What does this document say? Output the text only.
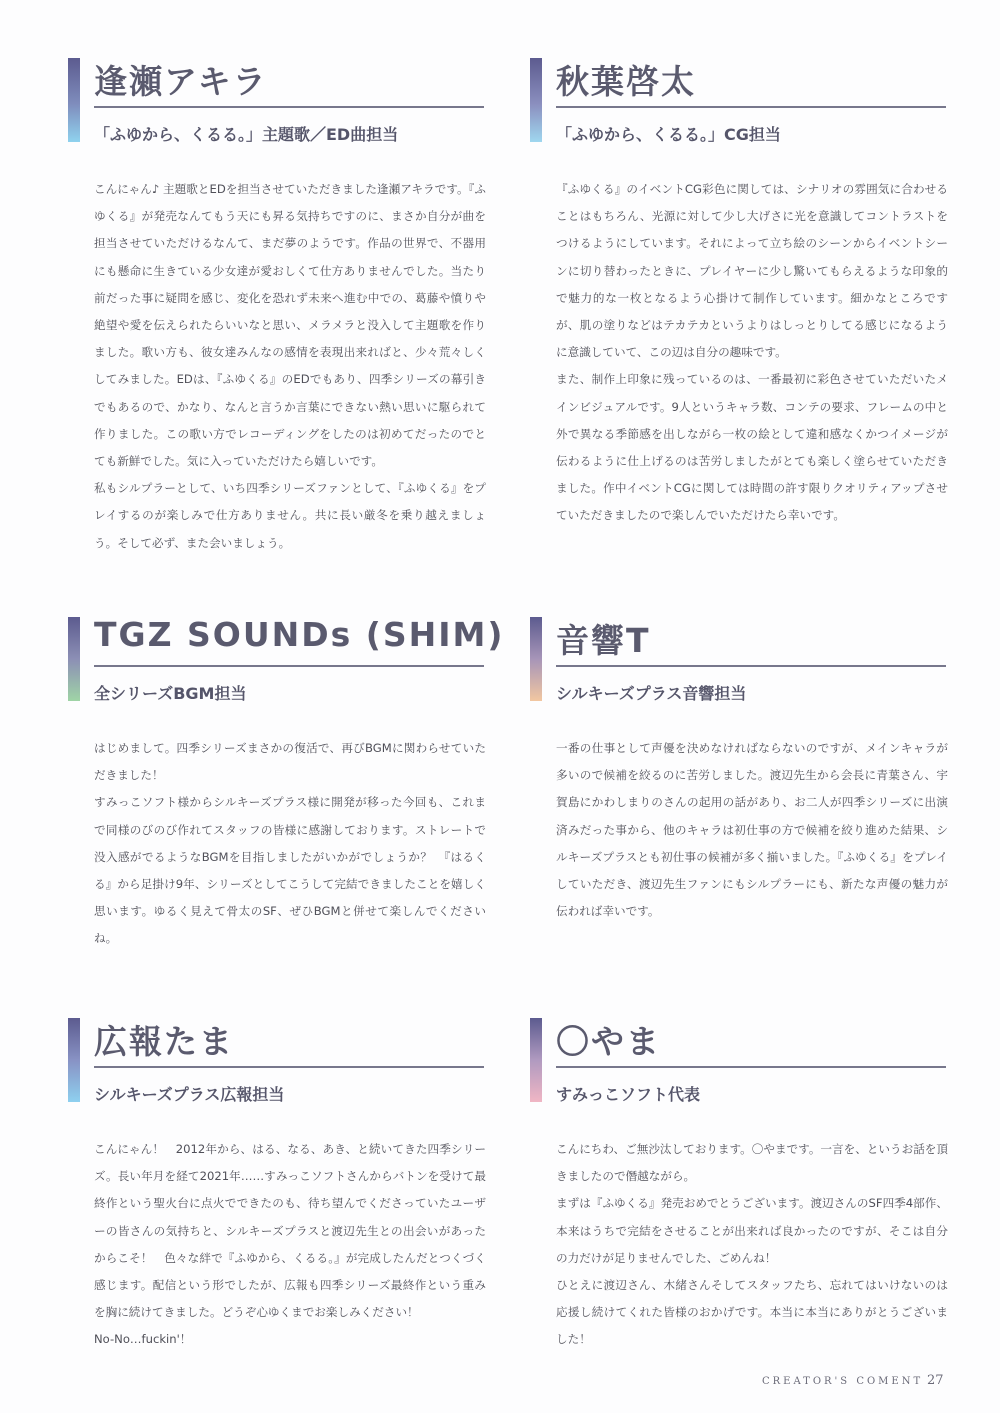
逢瀬アキラ
「ふゆから、くるる。」主題歌／ED曲担当

こんにゃん♪ 主題歌とEDを担当させていただきました逢瀬アキラです。『ふゆくる』が発売なんてもう天にも昇る気持ちですのに、まさか自分が曲を担当させていただけるなんて、まだ夢のようです。作品の世界で、不器用にも懸命に生きている少女達が愛おしくて仕方ありませんでした。当たり前だった事に疑問を感じ、変化を恐れず未来へ進む中での、葛藤や憤りや絶望や愛を伝えられたらいいなと思い、メラメラと没入して主題歌を作りました。歌い方も、彼女達みんなの感情を表現出来ればと、少々荒々しくしてみました。EDは、『ふゆくる』のEDでもあり、四季シリーズの幕引きでもあるので、かなり、なんと言うか言葉にできない熱い思いに駆られて作りました。この歌い方でレコーディングをしたのは初めてだったのでとても新鮮でした。気に入っていただけたら嬉しいです。

私もシルプラーとして、いち四季シリーズファンとして、『ふゆくる』をプレイするのが楽しみで仕方ありません。共に長い厳冬を乗り越えましょう。そして必ず、また会いましょう。

秋葉啓太
「ふゆから、くるる。」CG担当

『ふゆくる』のイベントCG彩色に関しては、シナリオの雰囲気に合わせることはもちろん、光源に対して少し大げさに光を意識してコントラストをつけるようにしています。それによって立ち絵のシーンからイベントシーンに切り替わったときに、プレイヤーに少し驚いてもらえるような印象的で魅力的な一枚となるよう心掛けて制作しています。細かなところですが、肌の塗りなどはテカテカというよりはしっとりしてる感じになるように意識していて、この辺は自分の趣味です。

また、制作上印象に残っているのは、一番最初に彩色させていただいたメインビジュアルです。9人というキャラ数、コンテの要求、フレームの中と外で異なる季節感を出しながら一枚の絵として違和感なくかつイメージが伝わるように仕上げるのは苦労しましたがとても楽しく塗らせていただきました。作中イベントCGに関しては時間の許す限りクオリティアップさせていただきましたので楽しんでいただけたら幸いです。

TGZ SOUNDs (SHIM)
全シリーズBGM担当

はじめまして。四季シリーズまさかの復活で、再びBGMに関わらせていただきました！

すみっこソフト様からシルキーズプラス様に開発が移った今回も、これまで同様のびのび作れてスタッフの皆様に感謝しております。ストレートで没入感がでるようなBGMを目指しましたがいかがでしょうか？　『はるくる』から足掛け9年、シリーズとしてこうして完結できましたことを嬉しく思います。ゆるく見えて骨太のSF、ぜひBGMと併せて楽しんでくださいね。

音響T
シルキーズプラス音響担当

一番の仕事として声優を決めなければならないのですが、メインキャラが多いので候補を絞るのに苦労しました。渡辺先生から会長に青葉さん、宇賀島にかわしまりのさんの起用の話があり、お二人が四季シリーズに出演済みだった事から、他のキャラは初仕事の方で候補を絞り進めた結果、シルキーズプラスとも初仕事の候補が多く揃いました。『ふゆくる』をプレイしていただき、渡辺先生ファンにもシルプラーにも、新たな声優の魅力が伝われば幸いです。

広報たま
シルキーズプラス広報担当

こんにゃん！　2012年から、はる、なる、あき、と続いてきた四季シリーズ。長い年月を経て2021年……すみっこソフトさんからバトンを受けて最終作という聖火台に点火でできたのも、待ち望んでくださっていたユーザーの皆さんの気持ちと、シルキーズプラスと渡辺先生との出会いがあったからこそ！　色々な絆で『ふゆから、くるる。』が完成したんだとつくづく感じます。配信という形でしたが、広報も四季シリーズ最終作という重みを胸に続けてきました。どうぞ心ゆくまでお楽しみください！

No-No…fuckin'！

〇やま
すみっこソフト代表

こんにちわ、ご無沙汰しております。〇やまです。一言を、というお話を頂きましたので僭越ながら。

まずは『ふゆくる』発売おめでとうございます。渡辺さんのSF四季4部作、本来はうちで完結をさせることが出来れば良かったのですが、そこは自分の力だけが足りませんでした、ごめんね！

ひとえに渡辺さん、木緒さんそしてスタッフたち、忘れてはいけないのは応援し続けてくれた皆様のおかげです。本当に本当にありがとうございました！

CREATOR'S COMENT 27
